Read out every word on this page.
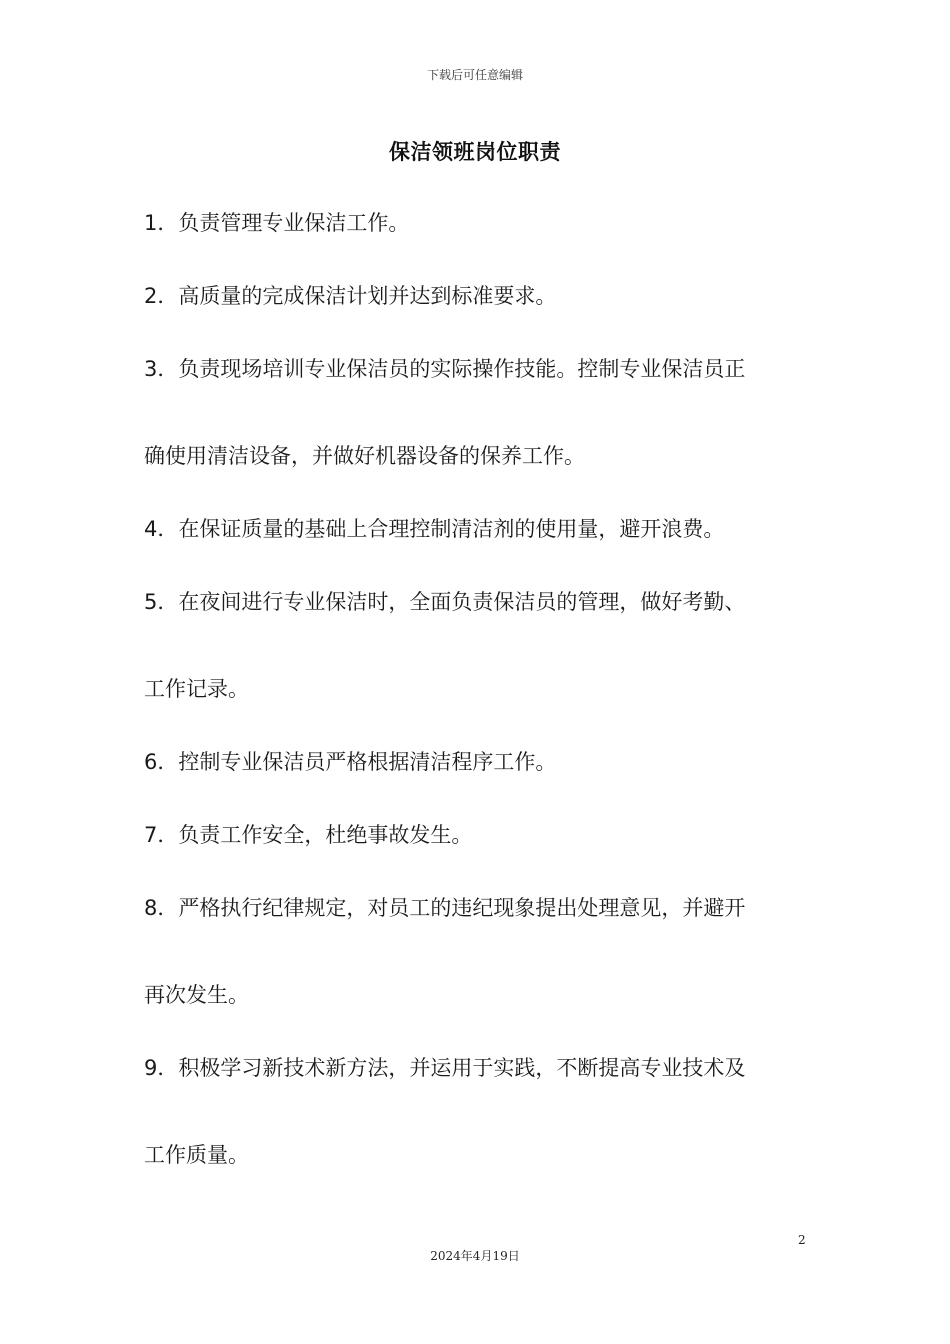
下载后可任意编辑
保洁领班岗位职责
1．负责管理专业保洁工作。
2．高质量的完成保洁计划并达到标准要求。
3．负责现场培训专业保洁员的实际操作技能。控制专业保洁员正
确使用清洁设备，并做好机器设备的保养工作。
4．在保证质量的基础上合理控制清洁剂的使用量，避开浪费。
5．在夜间进行专业保洁时，全面负责保洁员的管理，做好考勤、
工作记录。
6．控制专业保洁员严格根据清洁程序工作。
7．负责工作安全，杜绝事故发生。
8．严格执行纪律规定，对员工的违纪现象提出处理意见，并避开
再次发生。
9．积极学习新技术新方法，并运用于实践，不断提高专业技术及
工作质量。
2
2024年4月19日
